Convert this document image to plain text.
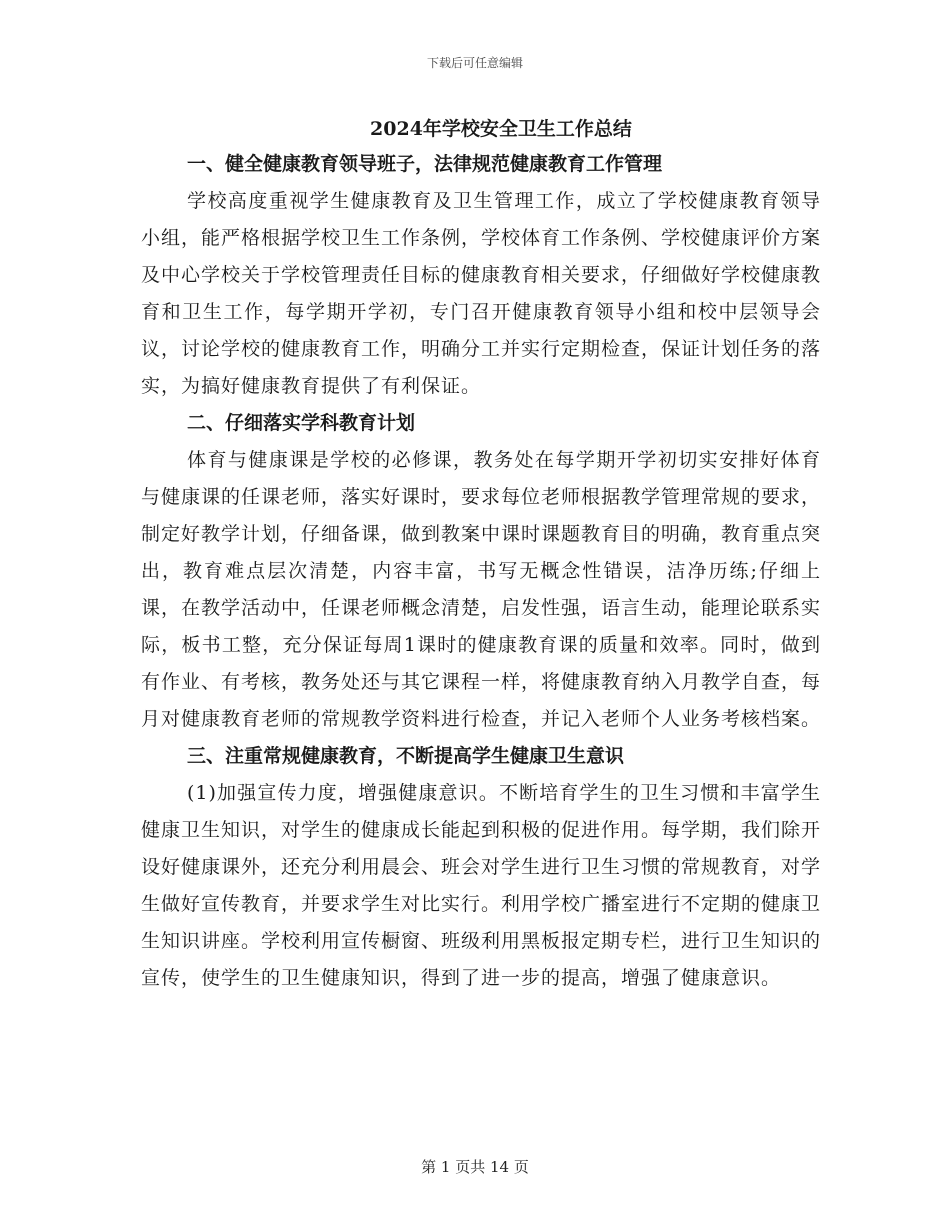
下载后可任意编辑
2024年学校安全卫生工作总结
一、健全健康教育领导班子，法律规范健康教育工作管理

学校高度重视学生健康教育及卫生管理工作，成立了学校健康教育领导小组，能严格根据学校卫生工作条例，学校体育工作条例、学校健康评价方案及中心学校关于学校管理责任目标的健康教育相关要求，仔细做好学校健康教育和卫生工作，每学期开学初，专门召开健康教育领导小组和校中层领导会议，讨论学校的健康教育工作，明确分工并实行定期检查，保证计划任务的落实，为搞好健康教育提供了有利保证。

二、仔细落实学科教育计划

体育与健康课是学校的必修课，教务处在每学期开学初切实安排好体育与健康课的任课老师，落实好课时，要求每位老师根据教学管理常规的要求，制定好教学计划，仔细备课，做到教案中课时课题教育目的明确，教育重点突出，教育难点层次清楚，内容丰富，书写无概念性错误，洁净历练;仔细上课，在教学活动中，任课老师概念清楚，启发性强，语言生动，能理论联系实际，板书工整，充分保证每周1课时的健康教育课的质量和效率。同时，做到有作业、有考核，教务处还与其它课程一样，将健康教育纳入月教学自查，每月对健康教育老师的常规教学资料进行检查，并记入老师个人业务考核档案。

三、注重常规健康教育，不断提高学生健康卫生意识

(1)加强宣传力度，增强健康意识。不断培育学生的卫生习惯和丰富学生健康卫生知识，对学生的健康成长能起到积极的促进作用。每学期，我们除开设好健康课外，还充分利用晨会、班会对学生进行卫生习惯的常规教育，对学生做好宣传教育，并要求学生对比实行。利用学校广播室进行不定期的健康卫生知识讲座。学校利用宣传橱窗、班级利用黑板报定期专栏，进行卫生知识的宣传，使学生的卫生健康知识，得到了进一步的提高，增强了健康意识。

第 1 页共 14 页
